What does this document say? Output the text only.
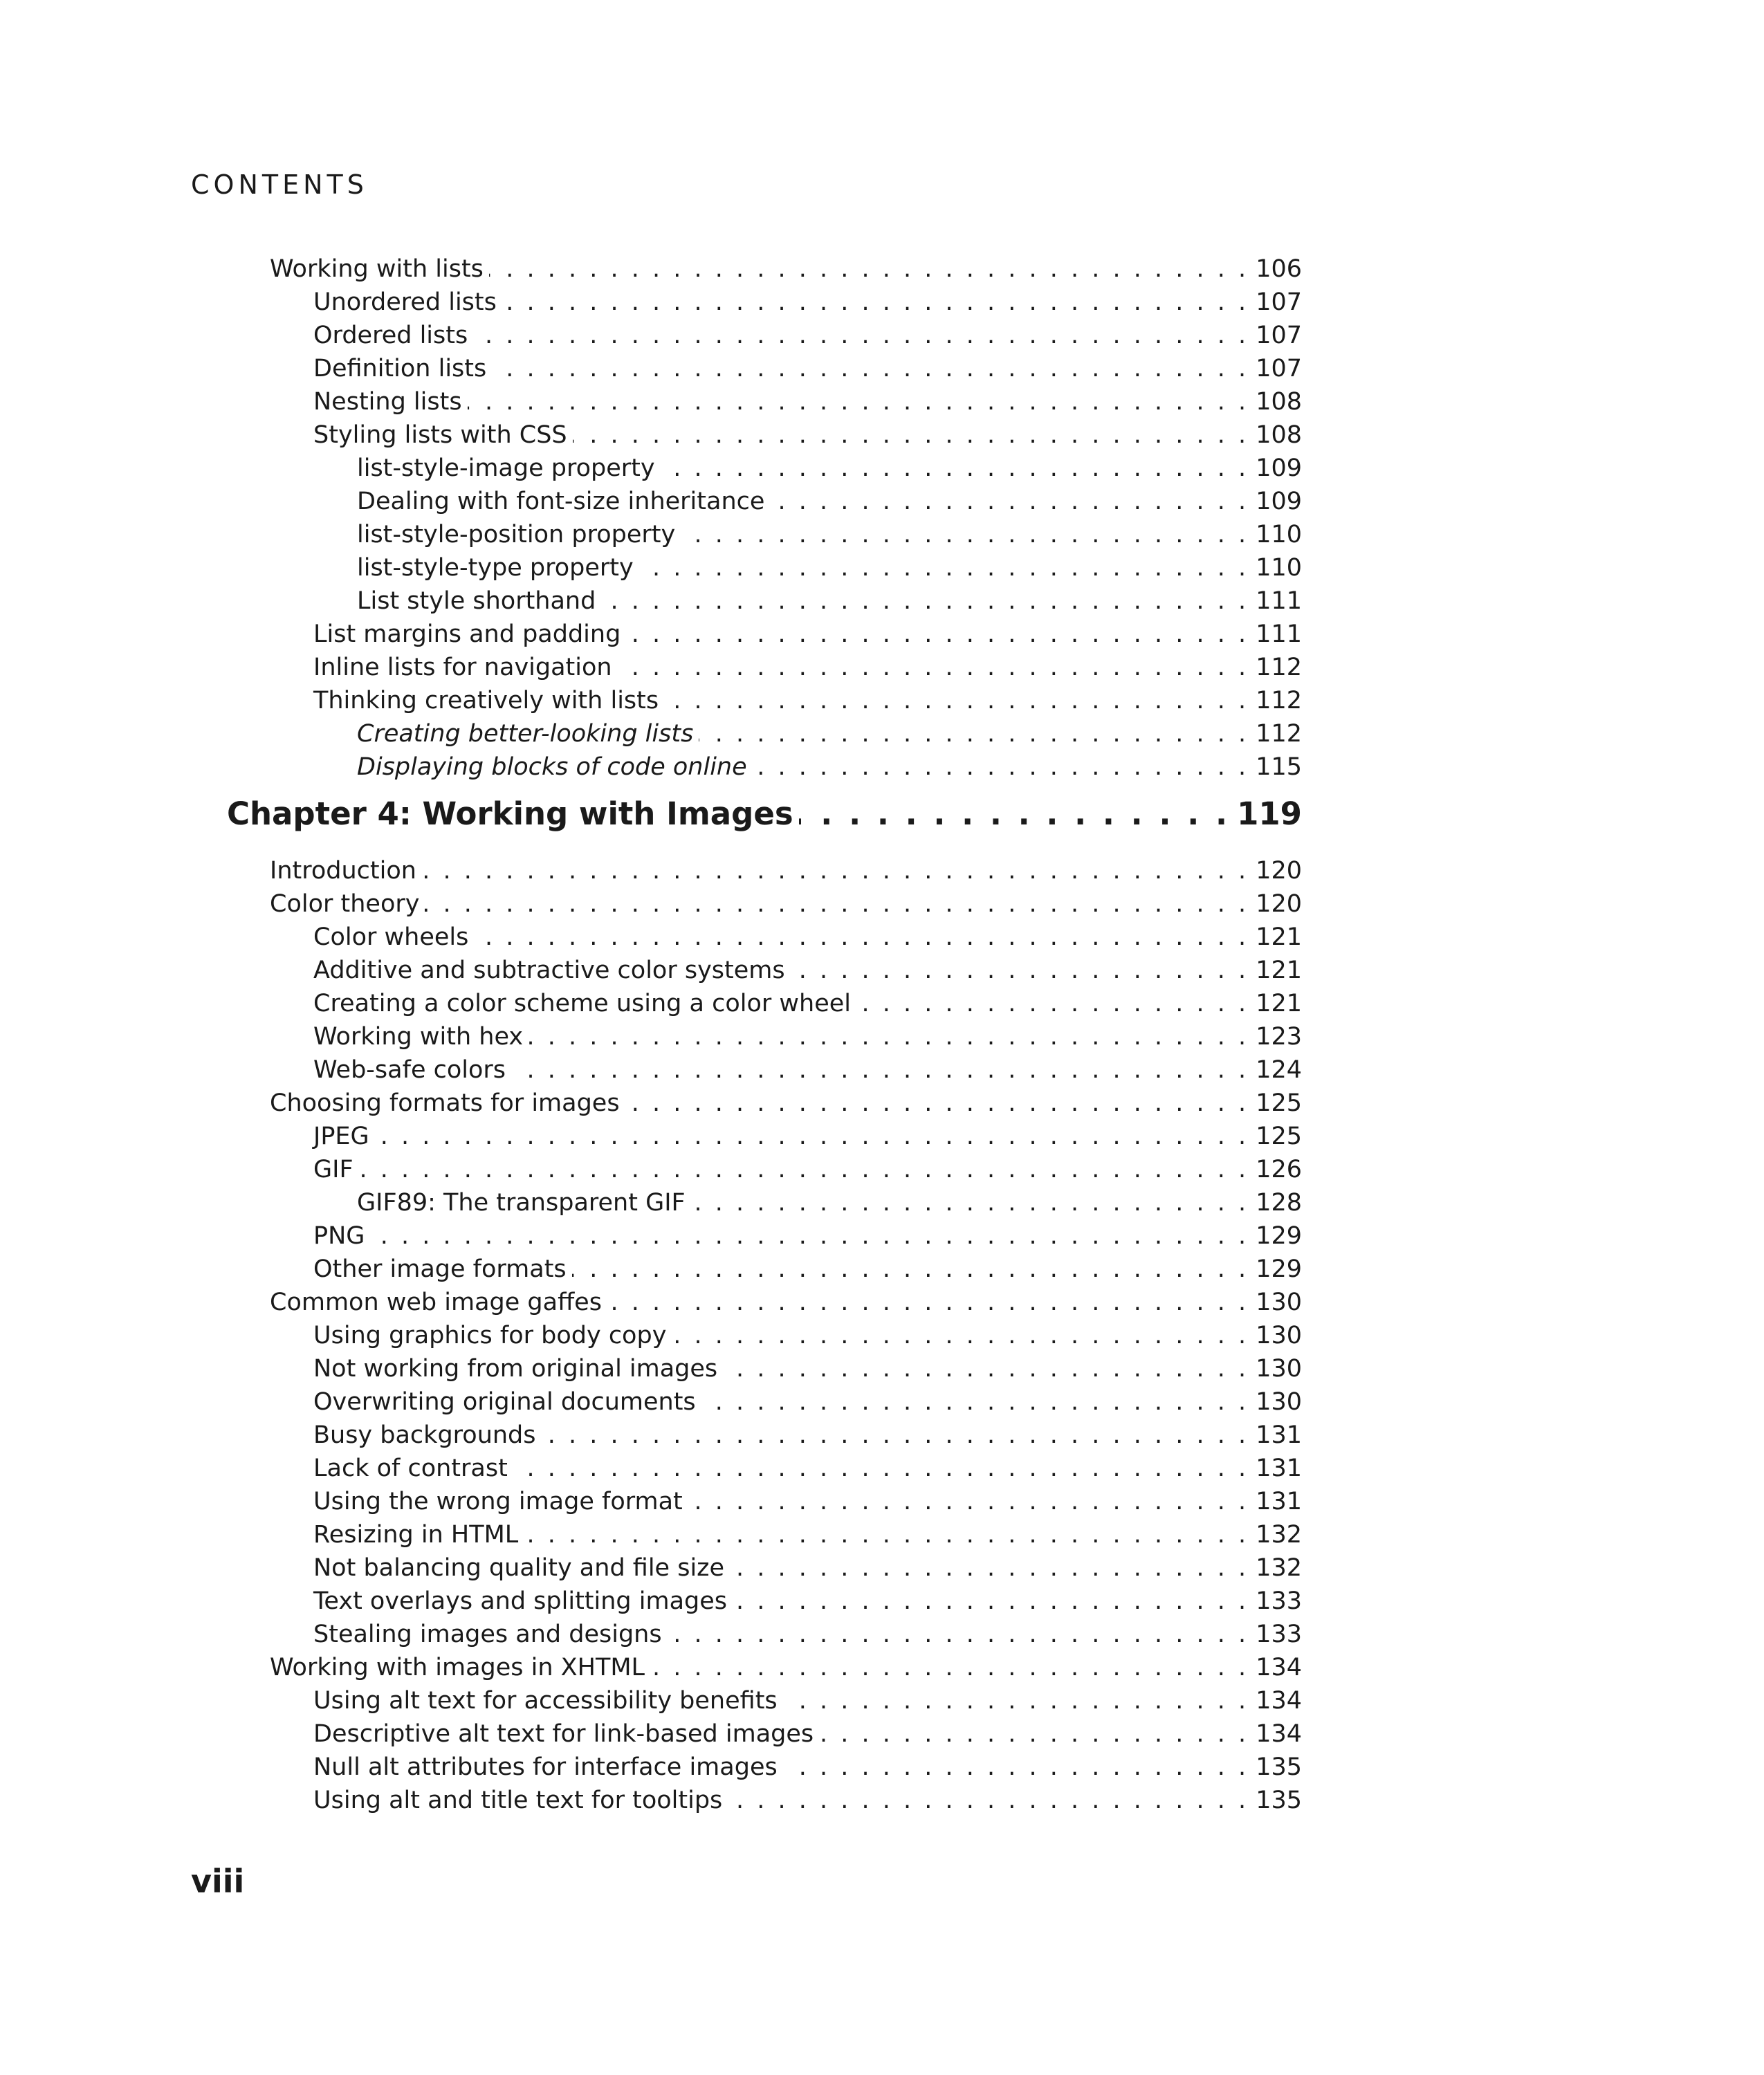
CONTENTS
Working with lists . . .	106
Unordered lists . . .	107
Ordered lists . . .	107
Definition lists . . .	107
Nesting lists . . .	108
Styling lists with CSS . . .	108
list-style-image property . . .	109
Dealing with font-size inheritance . . .	109
list-style-position property . . .	110
list-style-type property . . .	110
List style shorthand . . .	111
List margins and padding . . .	111
Inline lists for navigation . . .	112
Thinking creatively with lists . . .	112
Creating better-looking lists . . .	112
Displaying blocks of code online . . .	115
Chapter 4: Working with Images . . .	119
Introduction . . .	120
Color theory . . .	120
Color wheels . . .	121
Additive and subtractive color systems . . .	121
Creating a color scheme using a color wheel . . .	121
Working with hex . . .	123
Web-safe colors . . .	124
Choosing formats for images . . .	125
JPEG . . .	125
GIF . . .	126
GIF89: The transparent GIF . . .	128
PNG . . .	129
Other image formats . . .	129
Common web image gaffes . . .	130
Using graphics for body copy . . .	130
Not working from original images . . .	130
Overwriting original documents . . .	130
Busy backgrounds . . .	131
Lack of contrast . . .	131
Using the wrong image format . . .	131
Resizing in HTML . . .	132
Not balancing quality and file size . . .	132
Text overlays and splitting images . . .	133
Stealing images and designs . . .	133
Working with images in XHTML . . .	134
Using alt text for accessibility benefits . . .	134
Descriptive alt text for link-based images . . .	134
Null alt attributes for interface images . . .	135
Using alt and title text for tooltips . . .	135
viii
